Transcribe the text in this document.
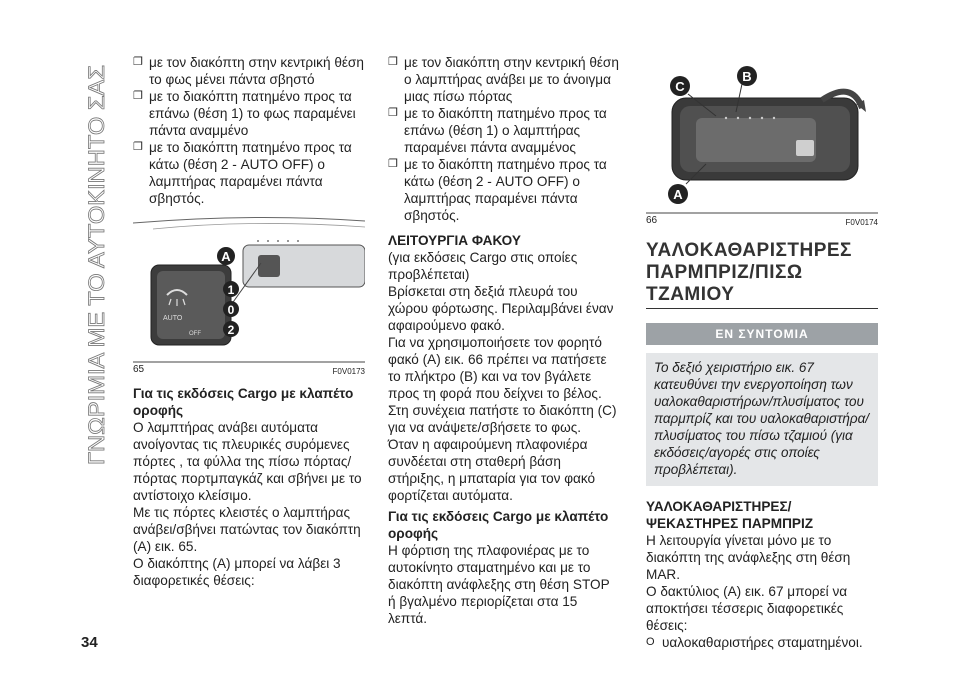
ΓΝΩΡΙΜΙΑ ΜΕ ΤΟ ΑΥΤΟΚΙΝΗΤΟ ΣΑΣ
34

❐ με τον διακόπτη στην κεντρική θέση το φως μένει πάντα σβηστό

❐ με το διακόπτη πατημένο προς τα επάνω (θέση 1) το φως παραμένει πάντα αναμμένο

❐ με το διακόπτη πατημένο προς τα κάτω (θέση 2 - AUTO OFF) ο λαμπτήρας παραμένει πάντα σβηστός.

AUTO
OFF
A
1
0
2
65	F0V0173

Για τις εκδόσεις Cargo με κλαπέτο οροφής

Ο λαμπτήρας ανάβει αυτόματα ανοίγοντας τις πλευρικές συρόμενες πόρτες , τα φύλλα της πίσω πόρτας/πόρτας πορτμπαγκάζ και σβήνει με το αντίστοιχο κλείσιμο.

Με τις πόρτες κλειστές ο λαμπτήρας ανάβει/σβήνει πατώντας τον διακόπτη (A) εικ. 65.

Ο διακόπτης (A) μπορεί να λάβει 3 διαφορετικές θέσεις:

❐ με τον διακόπτη στην κεντρική θέση ο λαμπτήρας ανάβει με το άνοιγμα μιας πίσω πόρτας

❐ με το διακόπτη πατημένο προς τα επάνω (θέση 1) ο λαμπτήρας παραμένει πάντα αναμμένος

❐ με το διακόπτη πατημένο προς τα κάτω (θέση 2 - AUTO OFF) ο λαμπτήρας παραμένει πάντα σβηστός.

ΛΕΙΤΟΥΡΓΙΑ ΦΑΚΟΥ

(για εκδόσεις Cargo στις οποίες προβλέπεται)

Βρίσκεται στη δεξιά πλευρά του χώρου φόρτωσης. Περιλαμβάνει έναν αφαιρούμενο φακό.

Για να χρησιμοποιήσετε τον φορητό φακό (A) εικ. 66 πρέπει να πατήσετε το πλήκτρο (B) και να τον βγάλετε προς τη φορά που δείχνει το βέλος. Στη συνέχεια πατήστε το διακόπτη (C) για να ανάψετε/σβήσετε το φως.

Όταν η αφαιρούμενη πλαφονιέρα συνδέεται στη σταθερή βάση στήριξης, η μπαταρία για τον φακό φορτίζεται αυτόματα.

Για τις εκδόσεις Cargo με κλαπέτο οροφής

Η φόρτιση της πλαφονιέρας με το αυτοκίνητο σταματημένο και με το διακόπτη ανάφλεξης στη θέση STOP ή βγαλμένο περιορίζεται στα 15 λεπτά.

C
B
A
66	F0V0174
ΥΑΛΟΚΑΘΑΡΙΣΤΗΡΕΣ ΠΑΡΜΠΡΙΖ/ΠΙΣΩ ΤΖΑΜΙΟΥ
ΕΝ ΣΥΝΤΟΜΙΑ
Το δεξιό χειριστήριο εικ. 67 κατευθύνει την ενεργοποίηση των υαλοκαθαριστήρων/πλυσίματος του παρμπρίζ και του υαλοκαθαριστήρα/πλυσίματος του πίσω τζαμιού (για εκδόσεις/αγορές στις οποίες προβλέπεται).

ΥΑΛΟΚΑΘΑΡΙΣΤΗΡΕΣ/ΨΕΚΑΣΤΗΡΕΣ ΠΑΡΜΠΡΙΖ

Η λειτουργία γίνεται μόνο με το διακόπτη της ανάφλεξης στη θέση MAR.

Ο δακτύλιος (A) εικ. 67 μπορεί να αποκτήσει τέσσερις διαφορετικές θέσεις:

O υαλοκαθαριστήρες σταματημένοι.
